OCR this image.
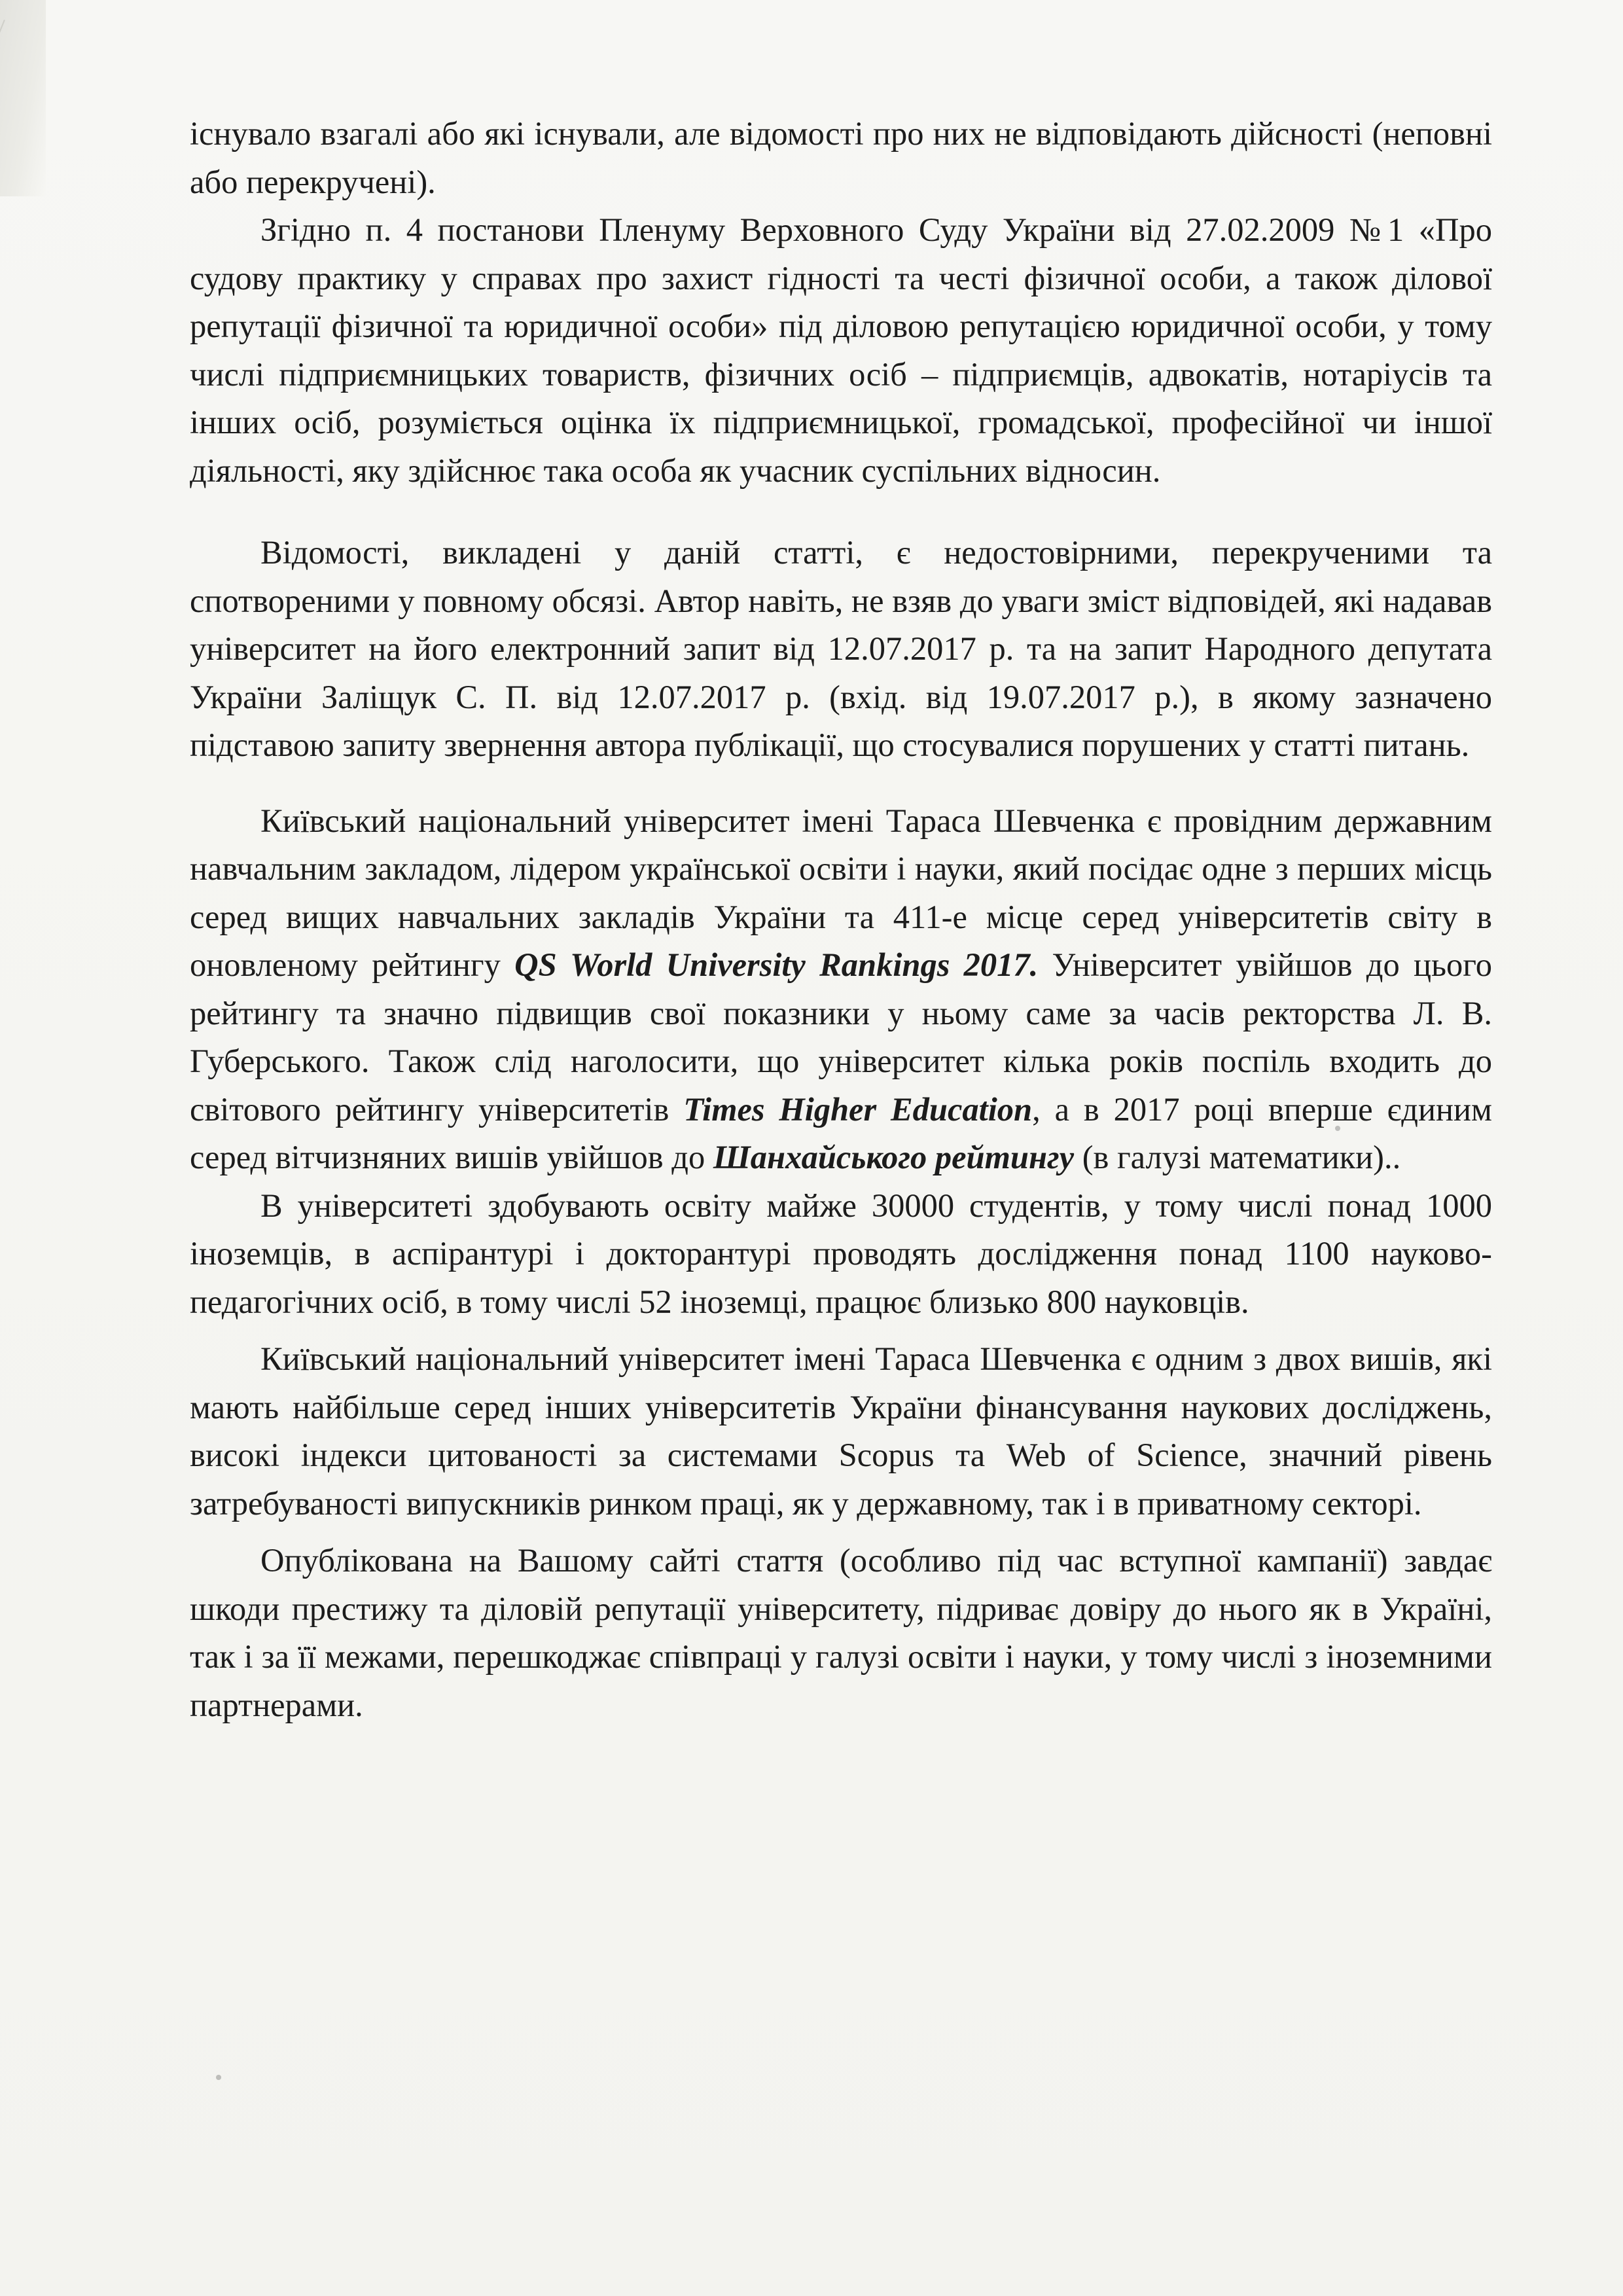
існувало взагалі або які існували, але відомості про них не відповідають дійсності (неповні або перекручені).

Згідно п. 4 постанови Пленуму Верховного Суду України від 27.02.2009 №1 «Про судову практику у справах про захист гідності та честі фізичної особи, а також ділової репутації фізичної та юридичної особи» під діловою репутацією юридичної особи, у тому числі підприємницьких товариств, фізичних осіб – підприємців, адвокатів, нотаріусів та інших осіб, розуміється оцінка їх підприємницької, громадської, професійної чи іншої діяльності, яку здійснює така особа як учасник суспільних відносин.

Відомості, викладені у даній статті, є недостовірними, перекрученими та спотвореними у повному обсязі. Автор навіть, не взяв до уваги зміст відповідей, які надавав університет на його електронний запит від 12.07.2017 р. та на запит Народного депутата України Заліщук С. П. від 12.07.2017 р. (вхід. від 19.07.2017 р.), в якому зазначено підставою запиту звернення автора публікації, що стосувалися порушених у статті питань.

Київський національний університет імені Тараса Шевченка є провідним державним навчальним закладом, лідером української освіти і науки, який посідає одне з перших місць серед вищих навчальних закладів України та 411-е місце серед університетів світу в оновленому рейтингу QS World University Rankings 2017. Університет увійшов до цього рейтингу та значно підвищив свої показники у ньому саме за часів ректорства Л. В. Губерського. Також слід наголосити, що університет кілька років поспіль входить до світового рейтингу університетів Times Higher Education, а в 2017 році вперше єдиним серед вітчизняних вишів увійшов до Шанхайського рейтингу (в галузі математики)..

В університеті здобувають освіту майже 30000 студентів, у тому числі понад 1000 іноземців, в аспірантурі і докторантурі проводять дослідження понад 1100 науково-педагогічних осіб, в тому числі 52 іноземці, працює близько 800 науковців.

Київський національний університет імені Тараса Шевченка є одним з двох вишів, які мають найбільше серед інших університетів України фінансування наукових досліджень, високі індекси цитованості за системами Scopus та Web of Science, значний рівень затребуваності випускників ринком праці, як у державному, так і в приватному секторі.

Опублікована на Вашому сайті стаття (особливо під час вступної кампанії) завдає шкоди престижу та діловій репутації університету, підриває довіру до нього як в Україні, так і за її межами, перешкоджає співпраці у галузі освіти і науки, у тому числі з іноземними партнерами.
